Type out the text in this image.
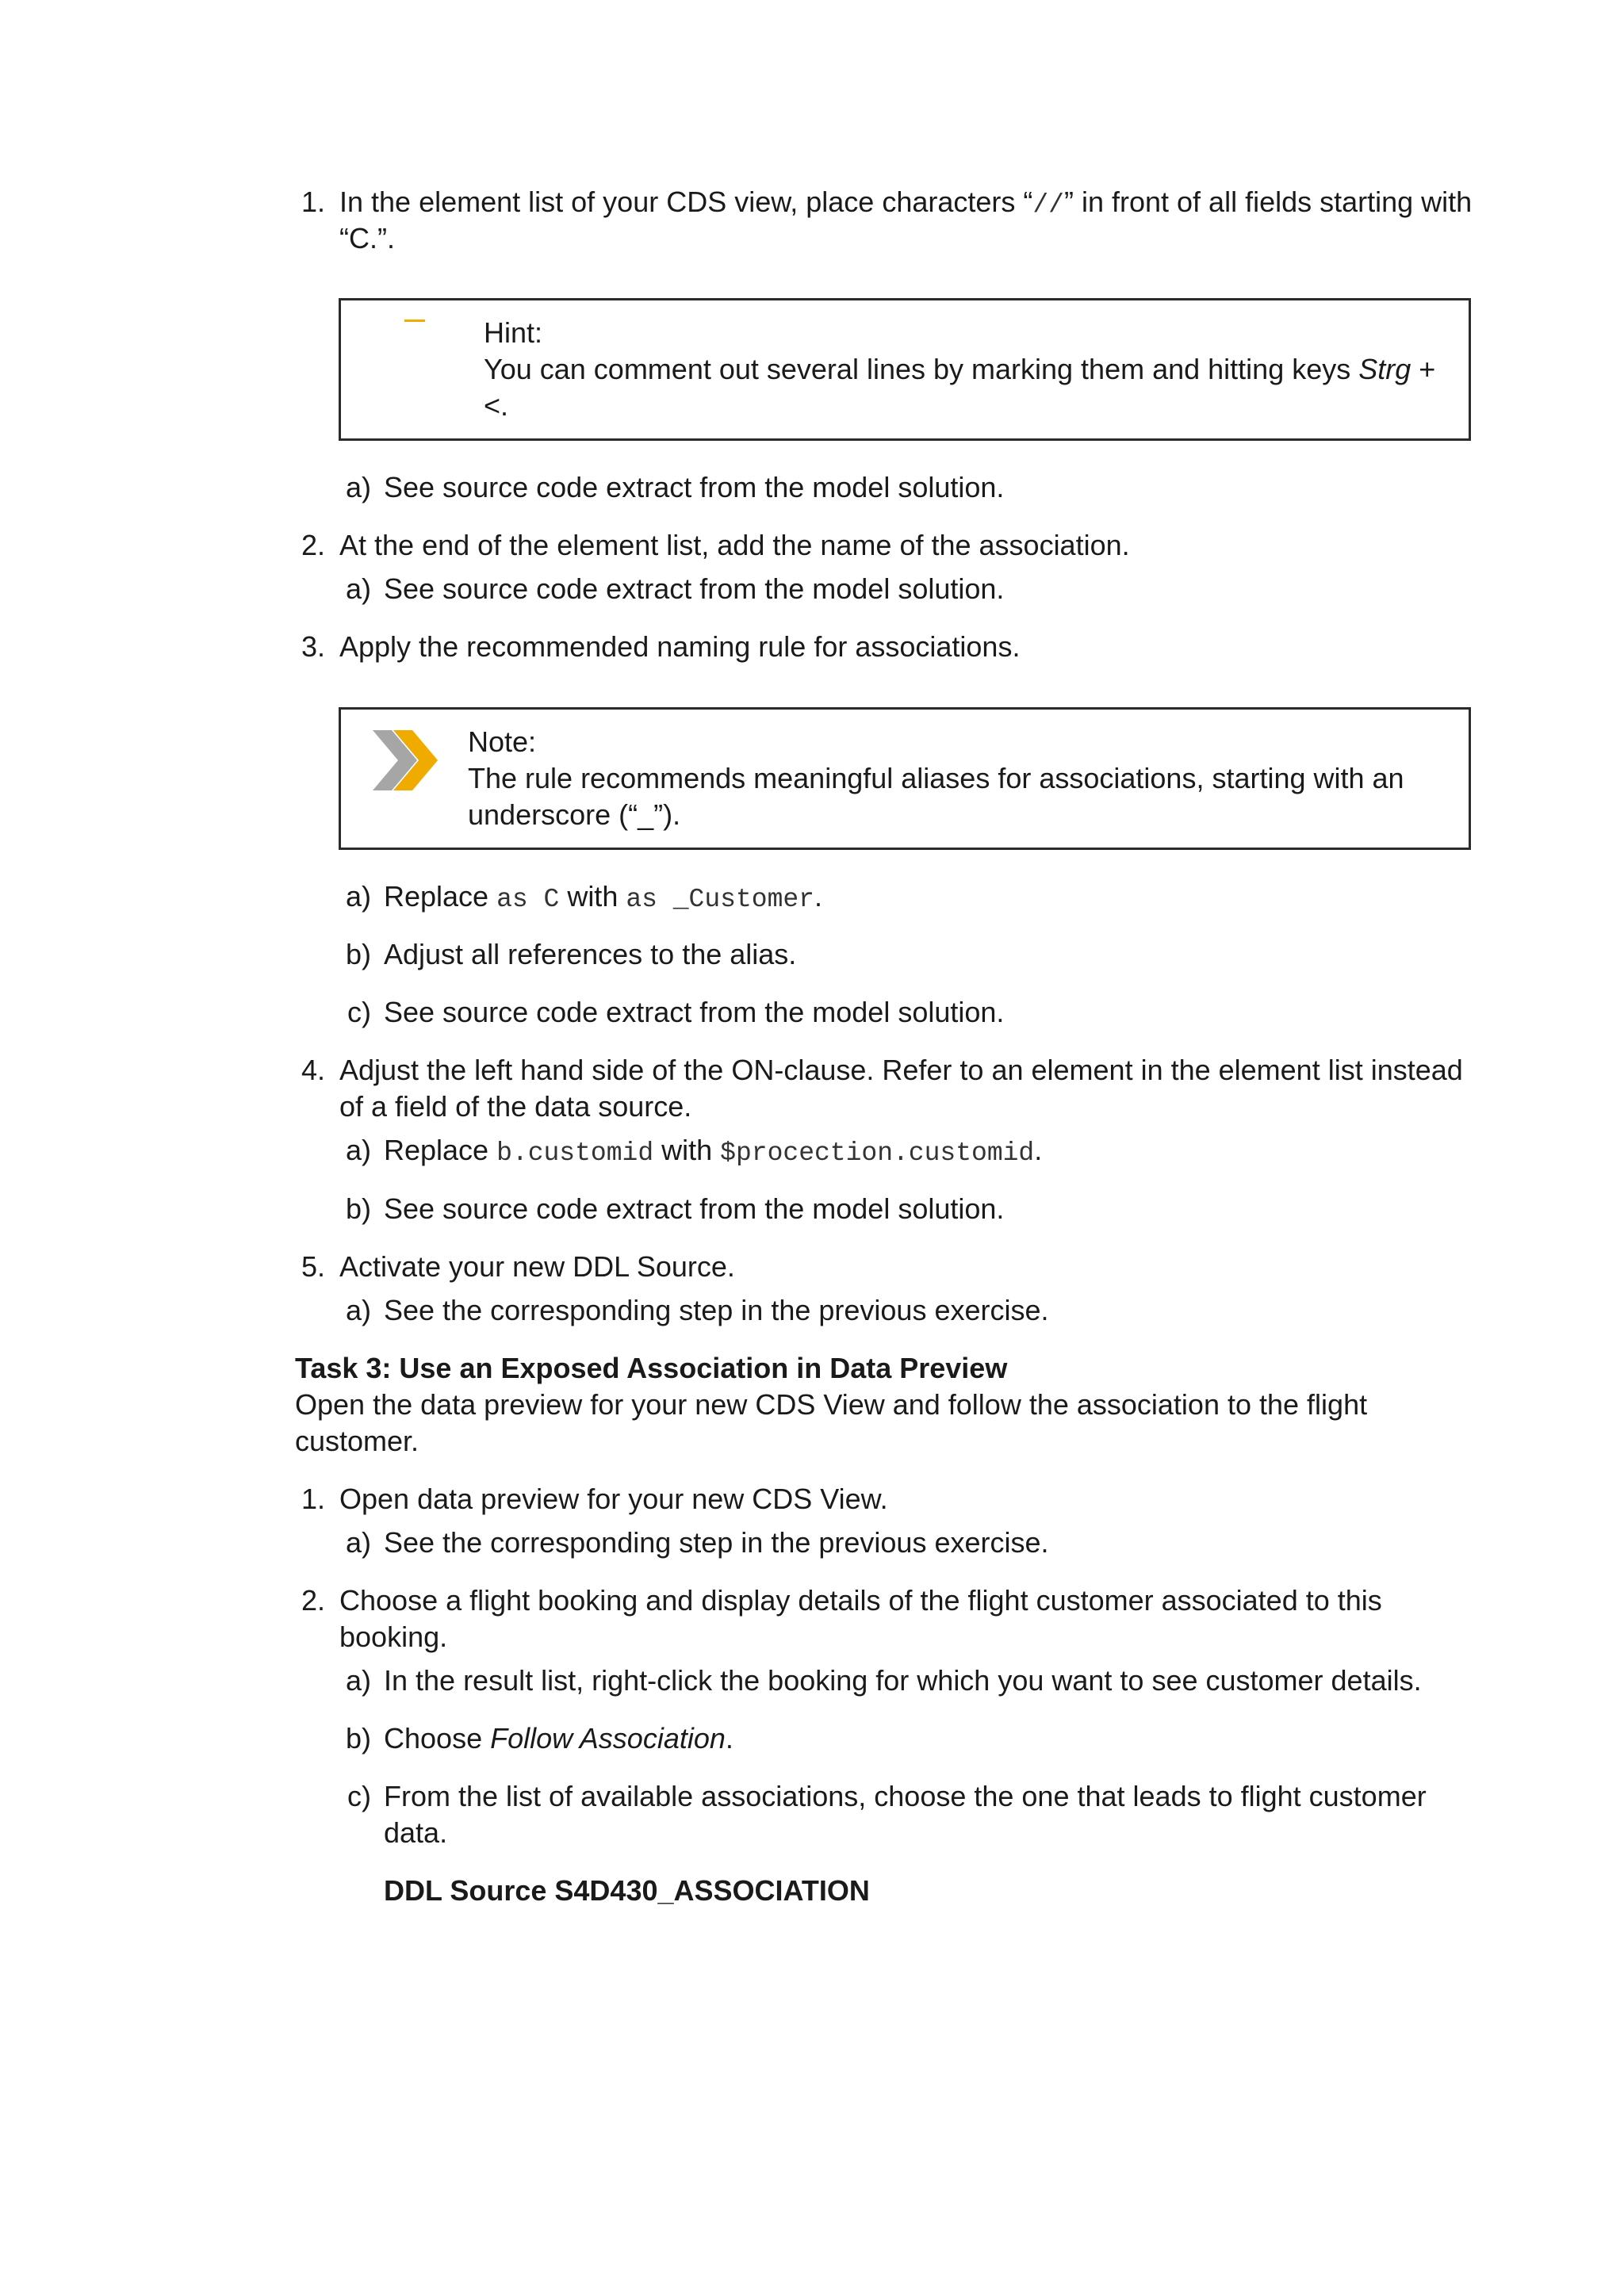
1. In the element list of your CDS view, place characters “//” in front of all fields starting with
“C.”.
Hint:
You can comment out several lines by marking them and hitting keys Strg +
<.
a) See source code extract from the model solution.
2. At the end of the element list, add the name of the association.
a) See source code extract from the model solution.
3. Apply the recommended naming rule for associations.
Note:
The rule recommends meaningful aliases for associations, starting with an
underscore (“_”).
a) Replace as C with as _Customer.
b) Adjust all references to the alias.
c) See source code extract from the model solution.
4. Adjust the left hand side of the ON-clause. Refer to an element in the element list instead
of a field of the data source.
a) Replace b.customid with $procection.customid.
b) See source code extract from the model solution.
5. Activate your new DDL Source.
a) See the corresponding step in the previous exercise.
Task 3: Use an Exposed Association in Data Preview
Open the data preview for your new CDS View and follow the association to the flight
customer.
1. Open data preview for your new CDS View.
a) See the corresponding step in the previous exercise.
2. Choose a flight booking and display details of the flight customer associated to this
booking.
a) In the result list, right-click the booking for which you want to see customer details.
b) Choose Follow Association.
c) From the list of available associations, choose the one that leads to flight customer
data.
DDL Source S4D430_ASSOCIATION
